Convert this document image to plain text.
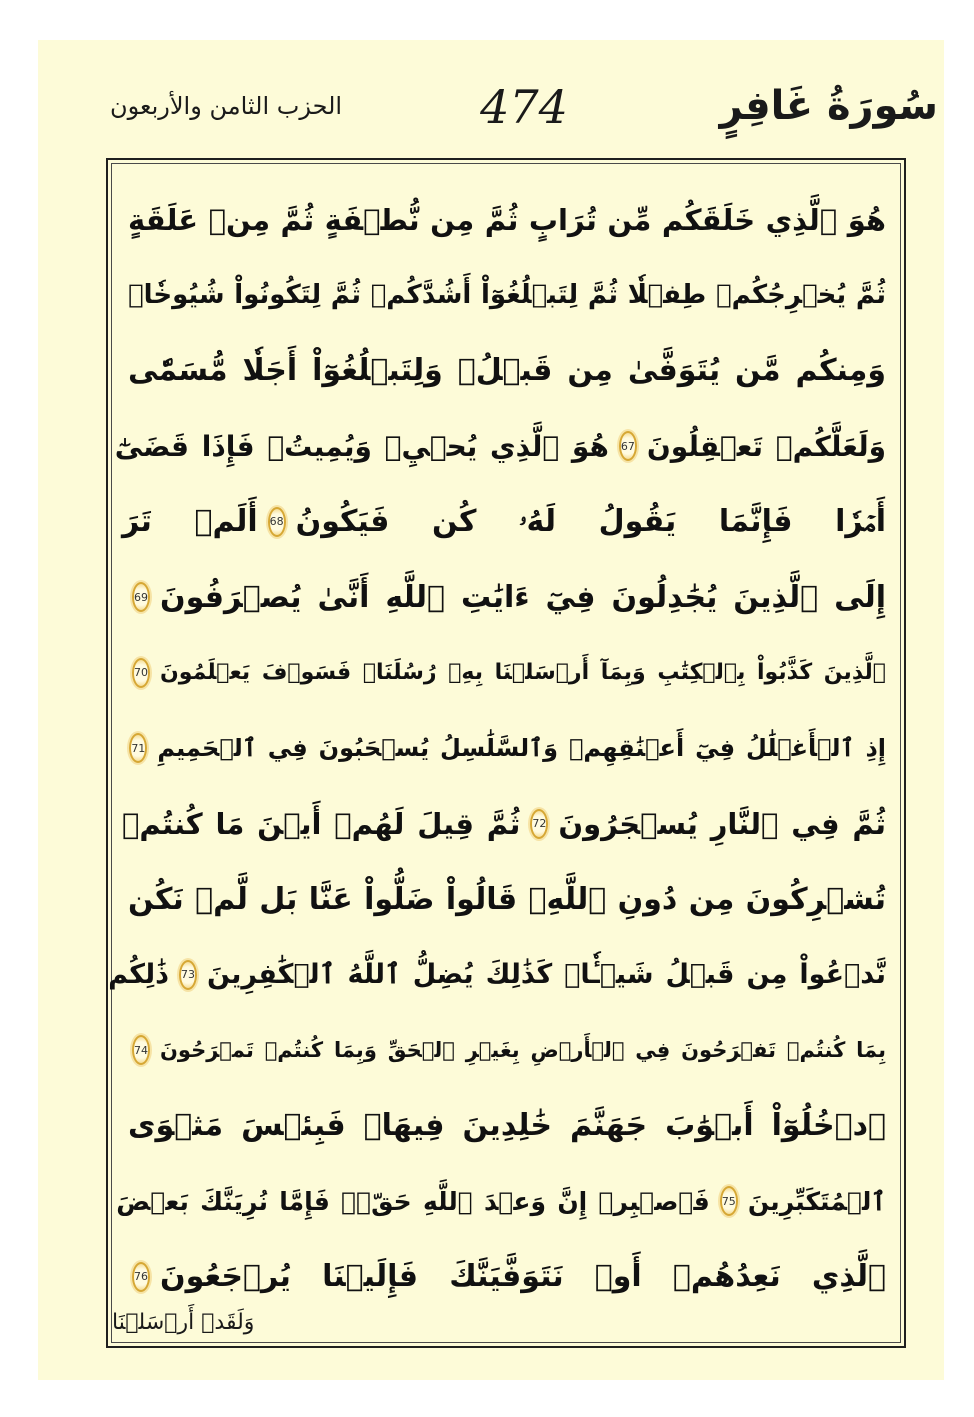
سُورَةُ غَافِرٍ
474
الحزب الثامن والأربعون
هُوَ ٱلَّذِي خَلَقَكُم مِّن تُرَابٍ ثُمَّ مِن نُّطۡفَةٍ ثُمَّ مِنۡ عَلَقَةٍ
ثُمَّ يُخۡرِجُكُمۡ طِفۡلٗا ثُمَّ لِتَبۡلُغُوٓاْ أَشُدَّكُمۡ ثُمَّ لِتَكُونُواْ شُيُوخٗاۚ
وَمِنكُم مَّن يُتَوَفَّىٰ مِن قَبۡلُۖ وَلِتَبۡلُغُوٓاْ أَجَلٗا مُّسَمّٗى
وَلَعَلَّكُمۡ تَعۡقِلُونَ
67
هُوَ ٱلَّذِي يُحۡيِۦ وَيُمِيتُۖ فَإِذَا قَضَىٰٓ
أَمۡرٗا فَإِنَّمَا يَقُولُ لَهُۥ كُن فَيَكُونُ
68
أَلَمۡ تَرَ
إِلَى ٱلَّذِينَ يُجَٰدِلُونَ فِيٓ ءَايَٰتِ ٱللَّهِ أَنَّىٰ يُصۡرَفُونَ
69
ٱلَّذِينَ كَذَّبُواْ بِٱلۡكِتَٰبِ وَبِمَآ أَرۡسَلۡنَا بِهِۦ رُسُلَنَاۖ فَسَوۡفَ يَعۡلَمُونَ
70
إِذِ ٱلۡأَغۡلَٰلُ فِيٓ أَعۡنَٰقِهِمۡ وَٱلسَّلَٰسِلُ يُسۡحَبُونَ فِي ٱلۡحَمِيمِ
71
ثُمَّ فِي ٱلنَّارِ يُسۡجَرُونَ
72
ثُمَّ قِيلَ لَهُمۡ أَيۡنَ مَا كُنتُمۡ
تُشۡرِكُونَ مِن دُونِ ٱللَّهِۖ قَالُواْ ضَلُّواْ عَنَّا بَل لَّمۡ نَكُن
نَّدۡعُواْ مِن قَبۡلُ شَيۡـٔٗاۚ كَذَٰلِكَ يُضِلُّ ٱللَّهُ ٱلۡكَٰفِرِينَ
73
ذَٰلِكُم
بِمَا كُنتُمۡ تَفۡرَحُونَ فِي ٱلۡأَرۡضِ بِغَيۡرِ ٱلۡحَقِّ وَبِمَا كُنتُمۡ تَمۡرَحُونَ
74
ٱدۡخُلُوٓاْ أَبۡوَٰبَ جَهَنَّمَ خَٰلِدِينَ فِيهَاۖ فَبِئۡسَ مَثۡوَى
ٱلۡمُتَكَبِّرِينَ
75
فَٱصۡبِرۡ إِنَّ وَعۡدَ ٱللَّهِ حَقّٞۚ فَإِمَّا نُرِيَنَّكَ بَعۡضَ
ٱلَّذِي نَعِدُهُمۡ أَوۡ نَتَوَفَّيَنَّكَ فَإِلَيۡنَا يُرۡجَعُونَ
76
وَلَقَدۡ أَرۡسَلۡنَا
